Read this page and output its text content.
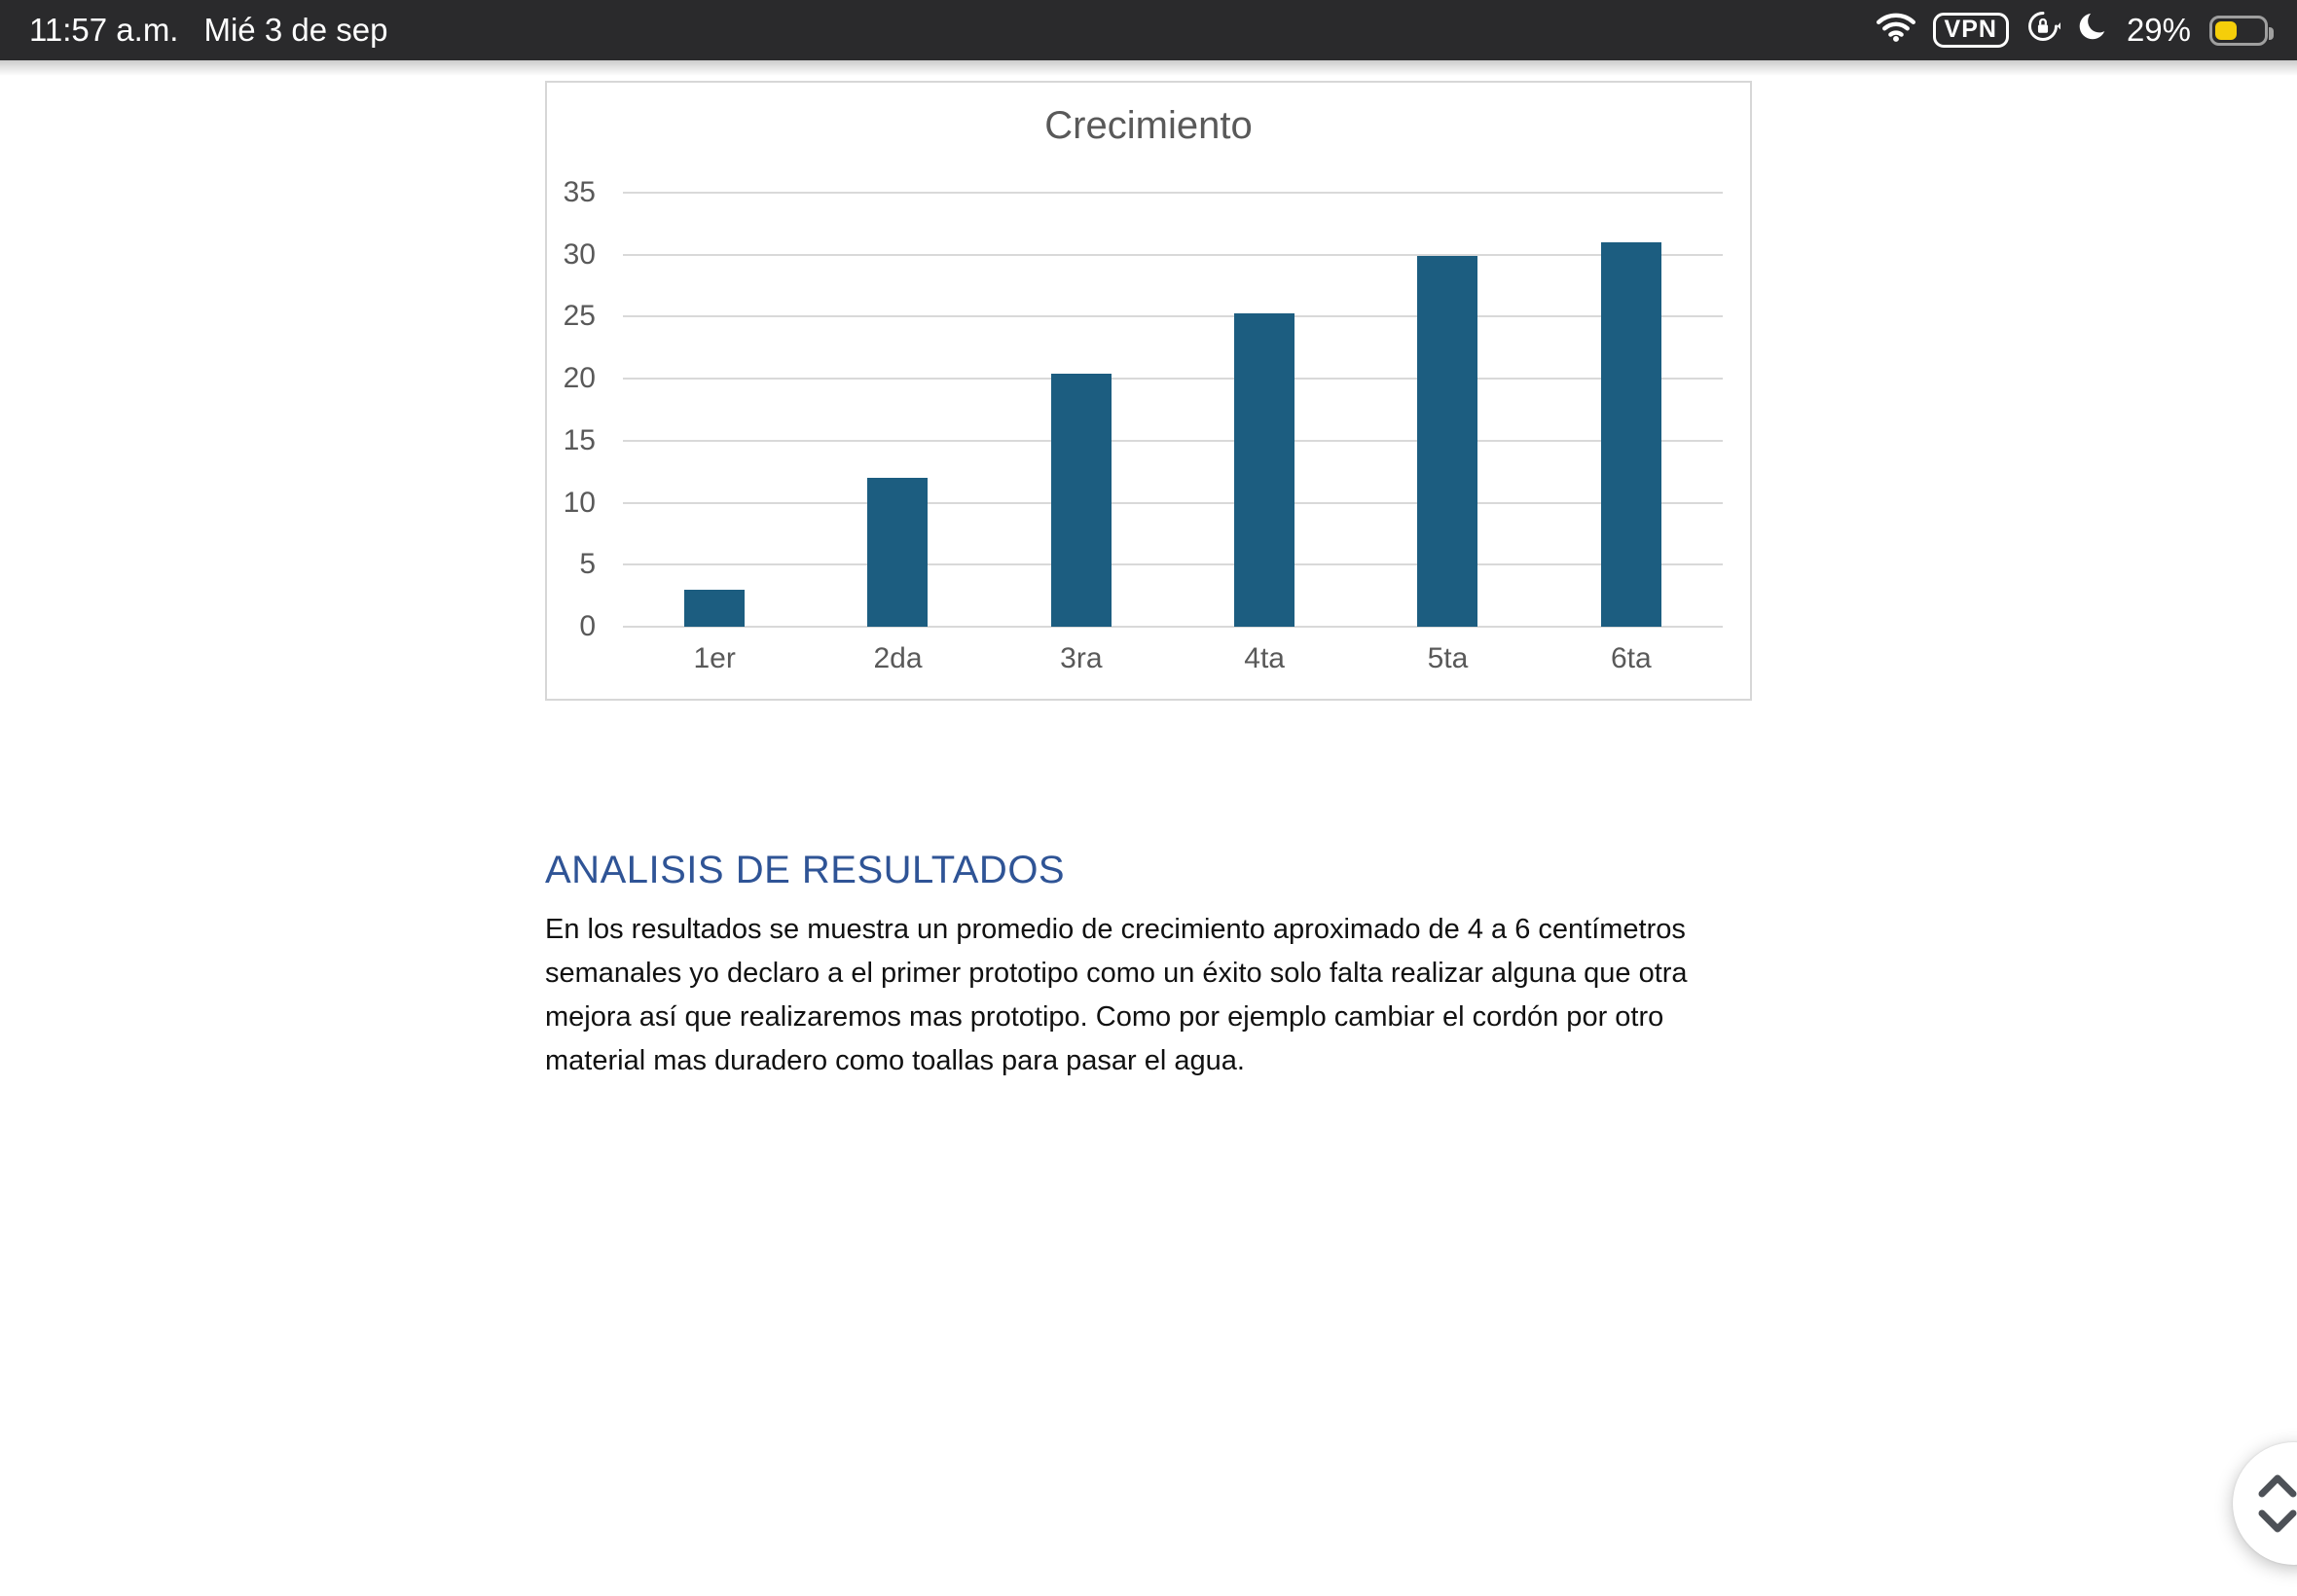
11:57 a.m. Mié 3 de sep	VPN	29%
Crecimiento
0
5
10
15
20
25
30
35
1er	2da	3ra	4ta	5ta	6ta
ANALISIS DE RESULTADOS
En los resultados se muestra un promedio de crecimiento aproximado de 4 a 6 centímetros semanales yo declaro a el primer prototipo como un éxito solo falta realizar alguna que otra mejora así que realizaremos mas prototipo. Como por ejemplo cambiar el cordón por otro material mas duradero como toallas para pasar el agua.
